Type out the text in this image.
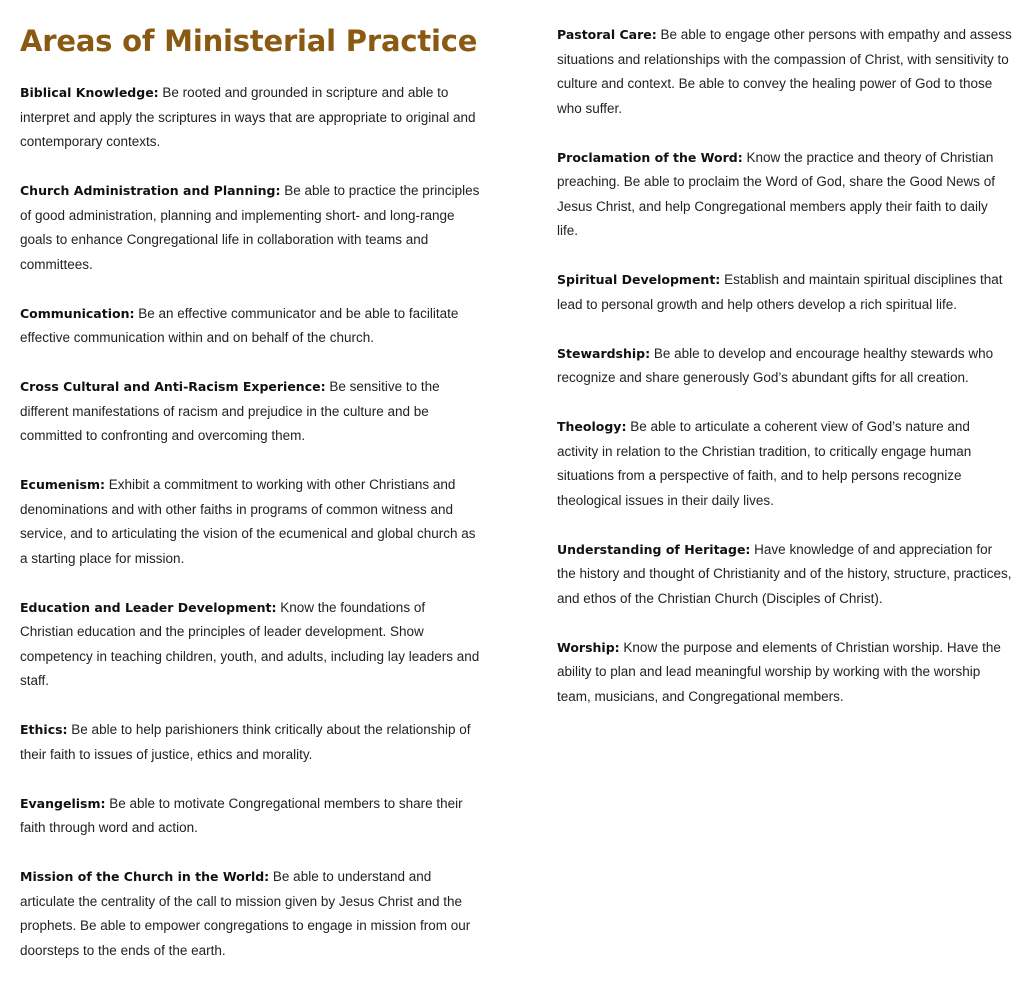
Areas of Ministerial Practice

Biblical Knowledge: Be rooted and grounded in scripture and able to interpret and apply the scriptures in ways that are appropriate to original and contemporary contexts.

Church Administration and Planning: Be able to practice the principles of good administration, planning and implementing short- and long-range goals to enhance Congregational life in collaboration with teams and committees.

Communication: Be an effective communicator and be able to facilitate effective communication within and on behalf of the church.

Cross Cultural and Anti-Racism Experience: Be sensitive to the different manifestations of racism and prejudice in the culture and be committed to confronting and overcoming them.

Ecumenism: Exhibit a commitment to working with other Christians and denominations and with other faiths in programs of common witness and service, and to articulating the vision of the ecumenical and global church as a starting place for mission.

Education and Leader Development: Know the foundations of Christian education and the principles of leader development. Show competency in teaching children, youth, and adults, including lay leaders and staff.

Ethics: Be able to help parishioners think critically about the relationship of their faith to issues of justice, ethics and morality.

Evangelism: Be able to motivate Congregational members to share their faith through word and action.

Mission of the Church in the World: Be able to understand and articulate the centrality of the call to mission given by Jesus Christ and the prophets. Be able to empower congregations to engage in mission from our doorsteps to the ends of the earth.

Pastoral Care: Be able to engage other persons with empathy and assess situations and relationships with the compassion of Christ, with sensitivity to culture and context. Be able to convey the healing power of God to those who suffer.

Proclamation of the Word: Know the practice and theory of Christian preaching. Be able to proclaim the Word of God, share the Good News of Jesus Christ, and help Congregational members apply their faith to daily life.

Spiritual Development: Establish and maintain spiritual disciplines that lead to personal growth and help others develop a rich spiritual life.

Stewardship: Be able to develop and encourage healthy stewards who recognize and share generously God’s abundant gifts for all creation.

Theology: Be able to articulate a coherent view of God’s nature and activity in relation to the Christian tradition, to critically engage human situations from a perspective of faith, and to help persons recognize theological issues in their daily lives.

Understanding of Heritage: Have knowledge of and appreciation for the history and thought of Christianity and of the history, structure, practices, and ethos of the Christian Church (Disciples of Christ).

Worship: Know the purpose and elements of Christian worship. Have the ability to plan and lead meaningful worship by working with the worship team, musicians, and Congregational members.
